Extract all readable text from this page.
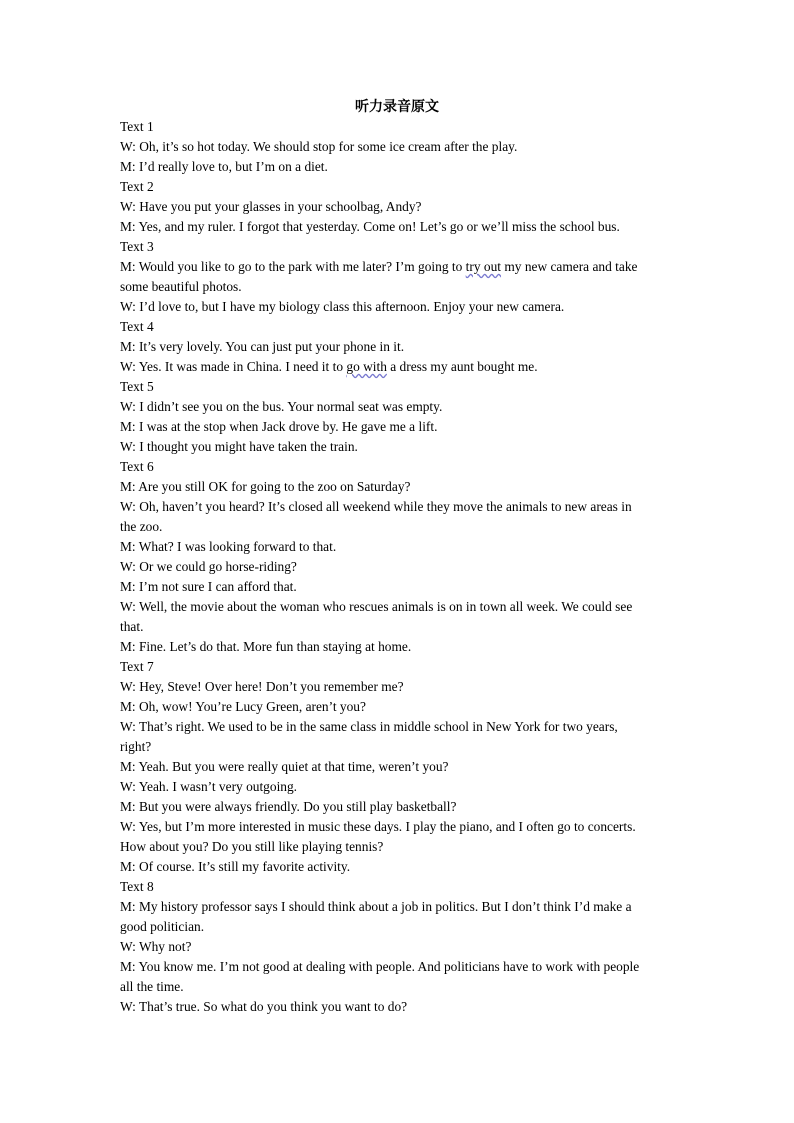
听力录音原文
Text 1
W: Oh, it’s so hot today. We should stop for some ice cream after the play.
M: I’d really love to, but I’m on a diet.
Text 2
W: Have you put your glasses in your schoolbag, Andy?
M: Yes, and my ruler. I forgot that yesterday. Come on! Let’s go or we’ll miss the school bus.
Text 3
M: Would you like to go to the park with me later? I’m going to try out my new camera and take
some beautiful photos.
W: I’d love to, but I have my biology class this afternoon. Enjoy your new camera.
Text 4
M: It’s very lovely. You can just put your phone in it.
W: Yes. It was made in China. I need it to go with a dress my aunt bought me.
Text 5
W: I didn’t see you on the bus. Your normal seat was empty.
M: I was at the stop when Jack drove by. He gave me a lift.
W: I thought you might have taken the train.
Text 6
M: Are you still OK for going to the zoo on Saturday?
W: Oh, haven’t you heard? It’s closed all weekend while they move the animals to new areas in
the zoo.
M: What? I was looking forward to that.
W: Or we could go horse-riding?
M: I’m not sure I can afford that.
W: Well, the movie about the woman who rescues animals is on in town all week. We could see
that.
M: Fine. Let’s do that. More fun than staying at home.
Text 7
W: Hey, Steve! Over here! Don’t you remember me?
M: Oh, wow! You’re Lucy Green, aren’t you?
W: That’s right. We used to be in the same class in middle school in New York for two years,
right?
M: Yeah. But you were really quiet at that time, weren’t you?
W: Yeah. I wasn’t very outgoing.
M: But you were always friendly. Do you still play basketball?
W: Yes, but I’m more interested in music these days. I play the piano, and I often go to concerts.
How about you? Do you still like playing tennis?
M: Of course. It’s still my favorite activity.
Text 8
M: My history professor says I should think about a job in politics. But I don’t think I’d make a
good politician.
W: Why not?
M: You know me. I’m not good at dealing with people. And politicians have to work with people
all the time.
W: That’s true. So what do you think you want to do?
